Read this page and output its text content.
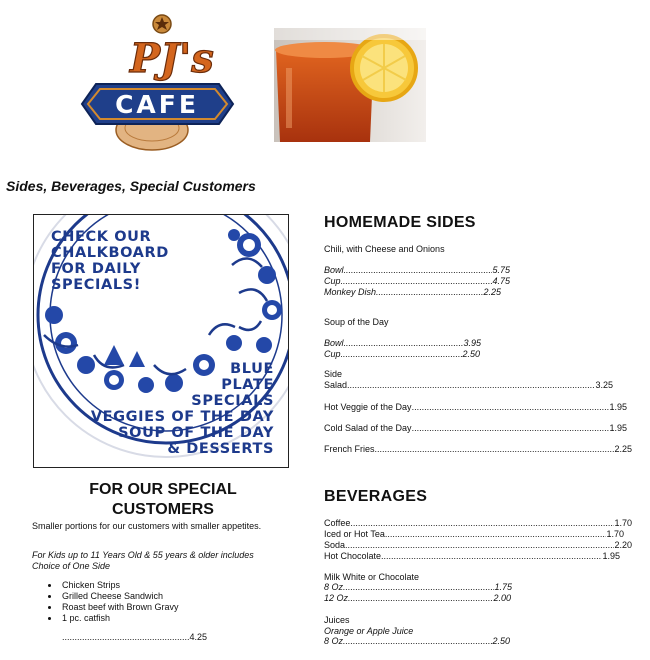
PJ's
CAFE
Sides, Beverages, Special Customers
CHECK OUR
CHALKBOARD
FOR DAILY
SPECIALS!
BLUE
PLATE
SPECIALS
VEGGIES OF THE DAY
SOUP OF THE DAY
& DESSERTS
FOR OUR SPECIAL
CUSTOMERS
Smaller portions for our customers with smaller appetites.
For Kids up to 11 Years Old & 55 years & older includes Choice of One Side
• Chicken Strips
• Grilled Cheese Sandwich
• Roast beef with Brown Gravy
• 1 pc. catfish
.....
4.25
HOMEMADE SIDES
Chili, with Cheese and Onions
Bowl .....	5.75
Cup .....	4.75
Monkey Dish .....	2.25
Soup of the Day
Bowl .....	3.95
Cup .....	2.50
Side
Salad .....	3.25
Hot Veggie of the Day .....	1.95
Cold Salad of the Day .....	1.95
French Fries .....	2.25
BEVERAGES
Coffee .....	1.70
Iced or Hot Tea .....	1.70
Soda .....	2.20
Hot Chocolate .....	1.95
Milk White or Chocolate
8 Oz .....	1.75
12 Oz .....	2.00
Juices
Orange or Apple Juice
8 Oz .....	2.50
